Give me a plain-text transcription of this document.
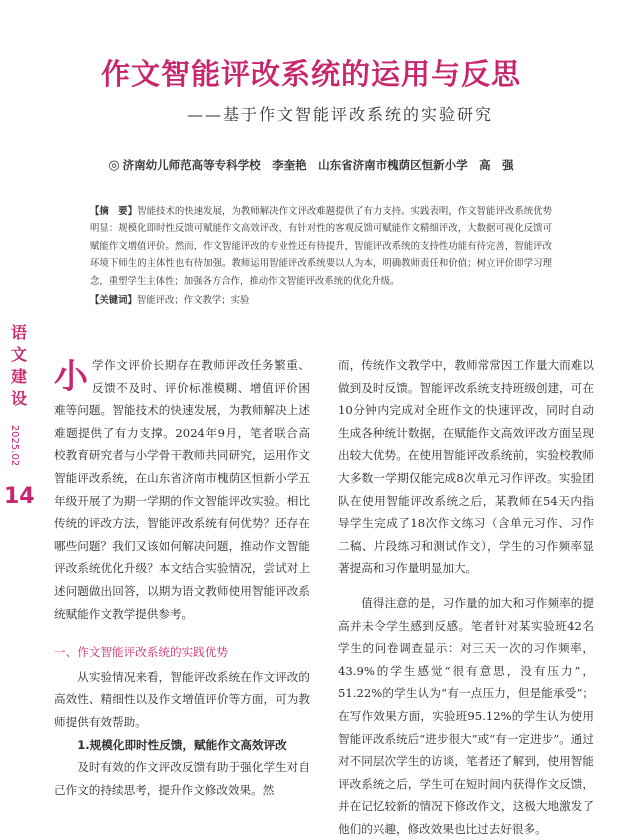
作文智能评改系统的运用与反思
——基于作文智能评改系统的实验研究
◎ 济南幼儿师范高等专科学校　李奎艳　山东省济南市槐荫区恒新小学　高　强

【摘　要】智能技术的快速发展，为教师解决作文评改难题提供了有力支持。实践表明，作文智能评改系统优势明显：规模化即时性反馈可赋能作文高效评改，有针对性的客观反馈可赋能作文精细评改，大数据可视化反馈可赋能作文增值评价。然而，作文智能评改的专业性还有待提升，智能评改系统的支持性功能有待完善，智能评改环境下师生的主体性也有待加强。教师运用智能评改系统要以人为本，明确教师责任和价值；树立评价即学习理念，重塑学生主体性；加强各方合作，推动作文智能评改系统的优化升级。

【关键词】智能评改；作文教学；实验

语
文
建
设
2025.02
14

小学作文评价长期存在教师评改任务繁重、反馈不及时、评价标准模糊、增值评价困难等问题。智能技术的快速发展，为教师解决上述难题提供了有力支撑。2024年9月，笔者联合高校教育研究者与小学骨干教师共同研究，运用作文智能评改系统，在山东省济南市槐荫区恒新小学五年级开展了为期一学期的作文智能评改实验。相比传统的评改方法，智能评改系统有何优势？还存在哪些问题？我们又该如何解决问题，推动作文智能评改系统优化升级？本文结合实验情况，尝试对上述问题做出回答，以期为语文教师使用智能评改系统赋能作文教学提供参考。

一、作文智能评改系统的实践优势

从实验情况来看，智能评改系统在作文评改的高效性、精细性以及作文增值评价等方面，可为教师提供有效帮助。

1.规模化即时性反馈，赋能作文高效评改

及时有效的作文评改反馈有助于强化学生对自己作文的持续思考，提升作文修改效果。然

而，传统作文教学中，教师常常因工作量大而难以做到及时反馈。智能评改系统支持班级创建，可在10分钟内完成对全班作文的快速评改，同时自动生成各种统计数据，在赋能作文高效评改方面呈现出较大优势。在使用智能评改系统前，实验校教师大多数一学期仅能完成8次单元习作评改。实验团队在使用智能评改系统之后，某教师在54天内指导学生完成了18次作文练习（含单元习作、习作二稿、片段练习和测试作文），学生的习作频率显著提高和习作量明显加大。

值得注意的是，习作量的加大和习作频率的提高并未令学生感到反感。笔者针对某实验班42名学生的问卷调查显示：对三天一次的习作频率，43.9%的学生感觉“很有意思，没有压力”，51.22%的学生认为“有一点压力，但是能承受”；在写作效果方面，实验班95.12%的学生认为使用智能评改系统后“进步很大”或“有一定进步”。通过对不同层次学生的访谈，笔者还了解到，使用智能评改系统之后，学生可在短时间内获得作文反馈，并在记忆较新的情况下修改作文，这极大地激发了他们的兴趣，修改效果也比过去好很多。
